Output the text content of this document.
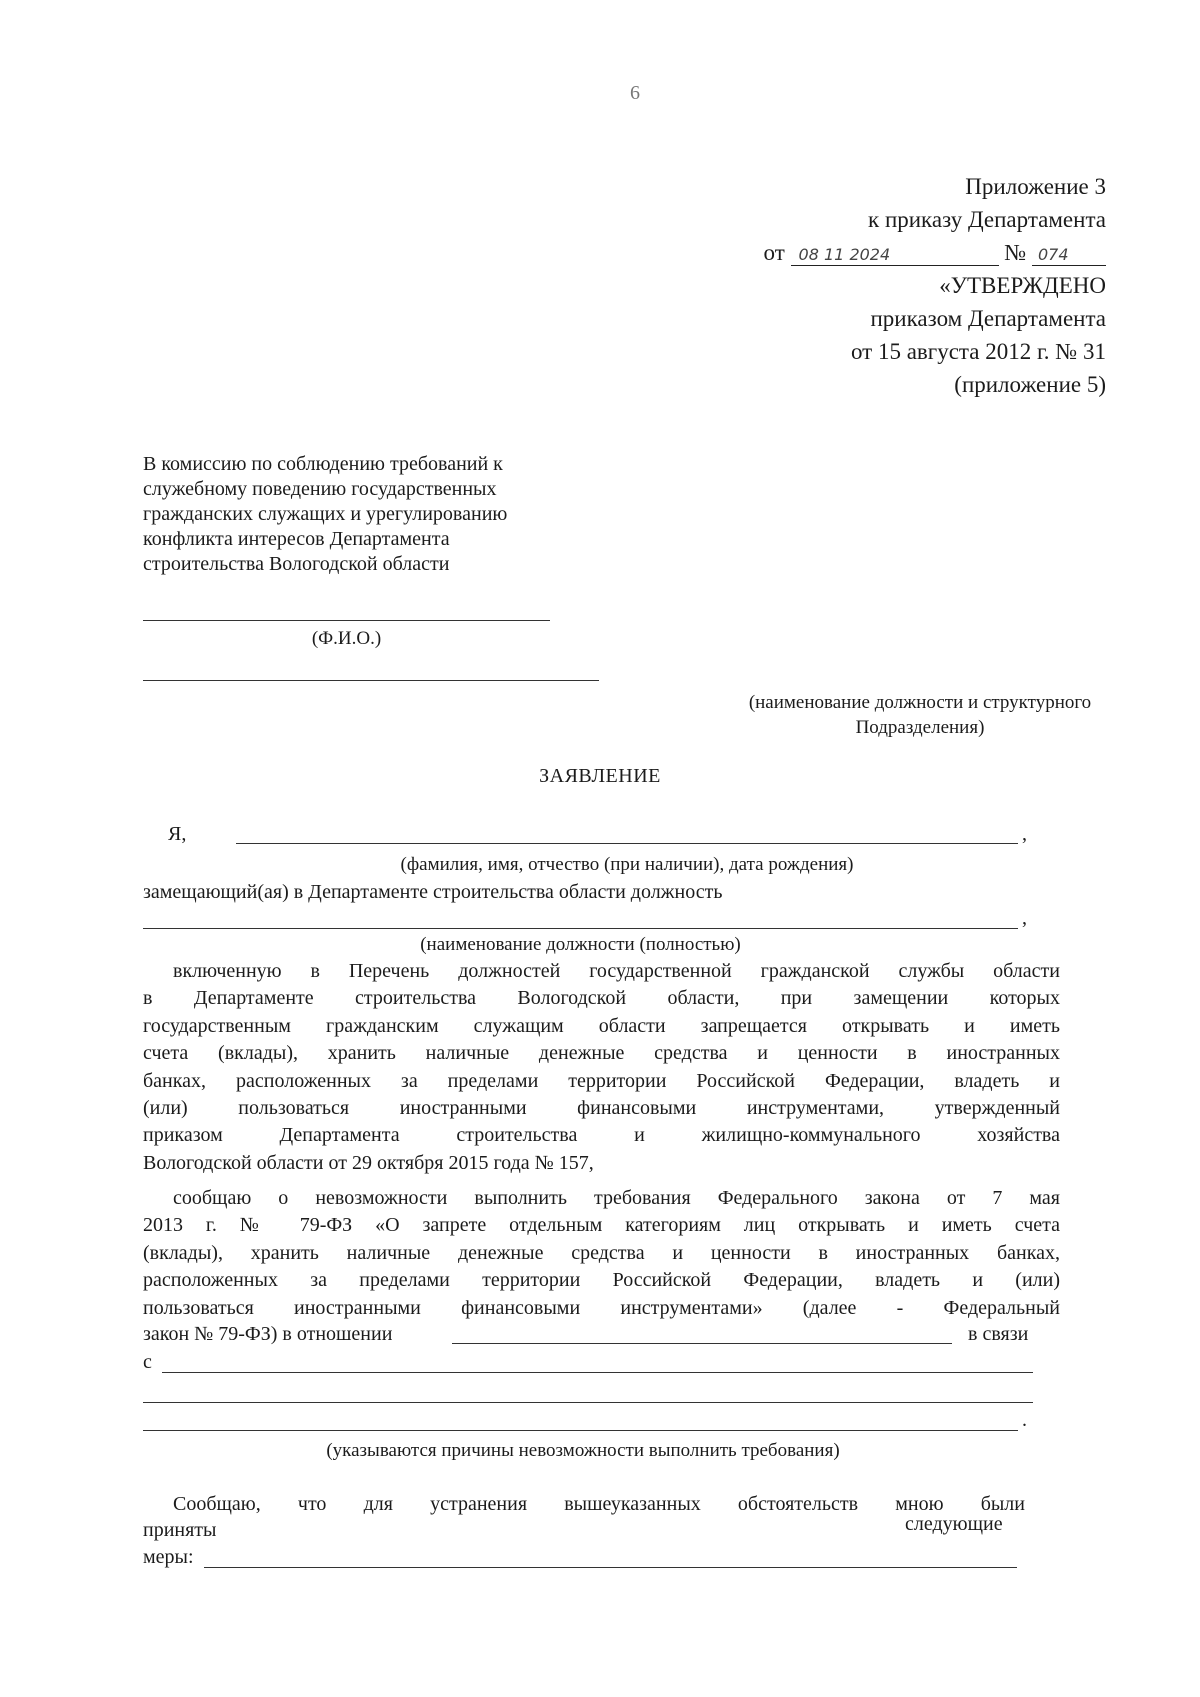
6
Приложение 3
к приказу Департамента
от 08 11 2024	№ 074
«УТВЕРЖДЕНО
приказом Департамента
от 15 августа 2012 г. № 31
(приложение 5)
В комиссию по соблюдению требований к
служебному поведению государственных
гражданских служащих и урегулированию
конфликта интересов Департамента
строительства Вологодской области
(Ф.И.О.)
(наименование должности и структурного
Подразделения)
ЗАЯВЛЕНИЕ
Я,	,
(фамилия, имя, отчество (при наличии), дата рождения)
замещающий(ая) в Департаменте строительства области должность
,
(наименование должности (полностью)
включенную в Перечень должностей государственной гражданской службы области
в Департаменте строительства Вологодской области, при замещении которых
государственным гражданским служащим области запрещается открывать и иметь
счета (вклады), хранить наличные денежные средства и ценности в иностранных
банках, расположенных за пределами территории Российской Федерации, владеть и
(или) пользоваться иностранными финансовыми инструментами, утвержденный
приказом Департамента строительства и жилищно-коммунального хозяйства
Вологодской области от 29 октября 2015 года № 157,
сообщаю о невозможности выполнить требования Федерального закона от 7 мая
2013 г. № 79-ФЗ «О запрете отдельным категориям лиц открывать и иметь счета
(вклады), хранить наличные денежные средства и ценности в иностранных банках,
расположенных за пределами территории Российской Федерации, владеть и (или)
пользоваться иностранными финансовыми инструментами» (далее - Федеральный
закон № 79-ФЗ) в отношении	в связи
с
.
(указываются причины невозможности выполнить требования)
Сообщаю, что для устранения вышеуказанных обстоятельств мною были
приняты	следующие
меры:
